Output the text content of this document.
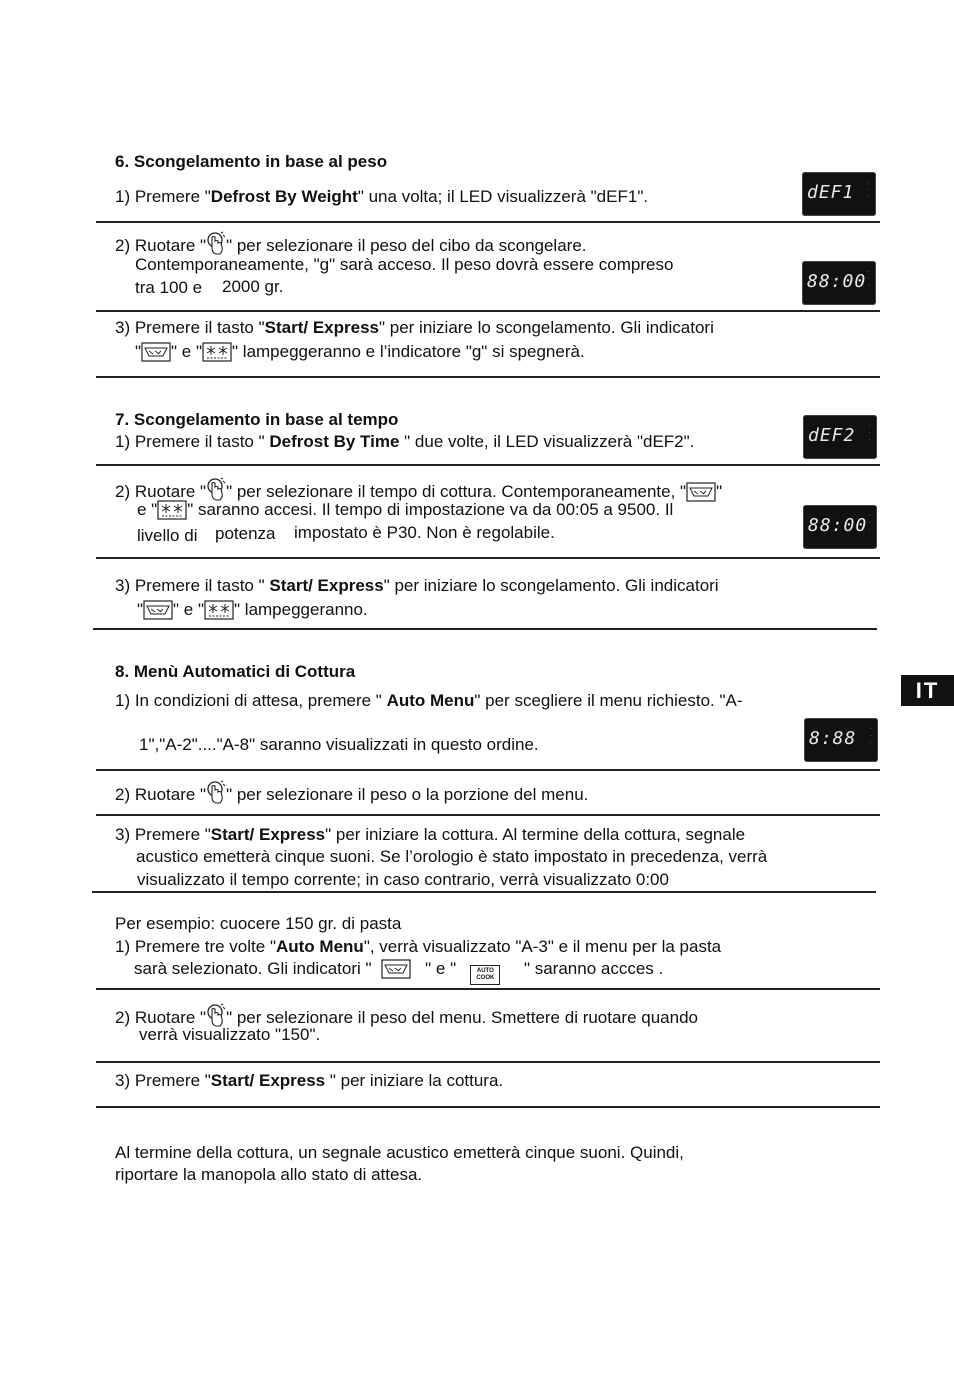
6. Scongelamento in base al peso
1) Premere "Defrost By Weight" una volta; il LED visualizzerà "dEF1".	dEF1	·
·
·
2) Ruotare " " per selezionare il peso del cibo da scongelare.
Contemporaneamente, "g" sarà acceso. Il peso dovrà essere compreso
tra 100 e 2000 gr.	88:00 ·
·
·
3) Premere il tasto "Start/ Express" per iniziare lo scongelamento. Gli indicatori
" " e " " lampeggeranno e l’indicatore "g" si spegnerà.
7. Scongelamento in base al tempo
1) Premere il tasto " Defrost By Time " due volte, il LED visualizzerà "dEF2".	dEF2	·
·
·
2) Ruotare " " per selezionare il tempo di cottura. Contemporaneamente, " "
e " " saranno accesi. Il tempo di impostazione va da 00:05 a 9500. Il
livello di potenza impostato è P30. Non è regolabile.	88:00 ·
·
·
3) Premere il tasto " Start/ Express" per iniziare lo scongelamento. Gli indicatori
" " e " " lampeggeranno.
8. Menù Automatici di Cottura
1) In condizioni di attesa, premere " Auto Menu" per scegliere il menu richiesto. "A-
1","A-2"...."A-8" saranno visualizzati in questo ordine.	8:88	·
·
·
2) Ruotare " " per selezionare il peso o la porzione del menu.
3) Premere "Start/ Express" per iniziare la cottura. Al termine della cottura, segnale
acustico emetterà cinque suoni. Se l’orologio è stato impostato in precedenza, verrà
visualizzato il tempo corrente; in caso contrario, verrà visualizzato 0:00
Per esempio: cuocere 150 gr. di pasta
1) Premere tre volte "Auto Menu", verrà visualizzato "A-3" e il menu per la pasta
sarà selezionato. Gli indicatori "	" e "	AUTO
COOK " saranno accces .
2) Ruotare " " per selezionare il peso del menu. Smettere di ruotare quando
verrà visualizzato "150".
3) Premere "Start/ Express " per iniziare la cottura.
Al termine della cottura, un segnale acustico emetterà cinque suoni. Quindi,
riportare la manopola allo stato di attesa.
IT
